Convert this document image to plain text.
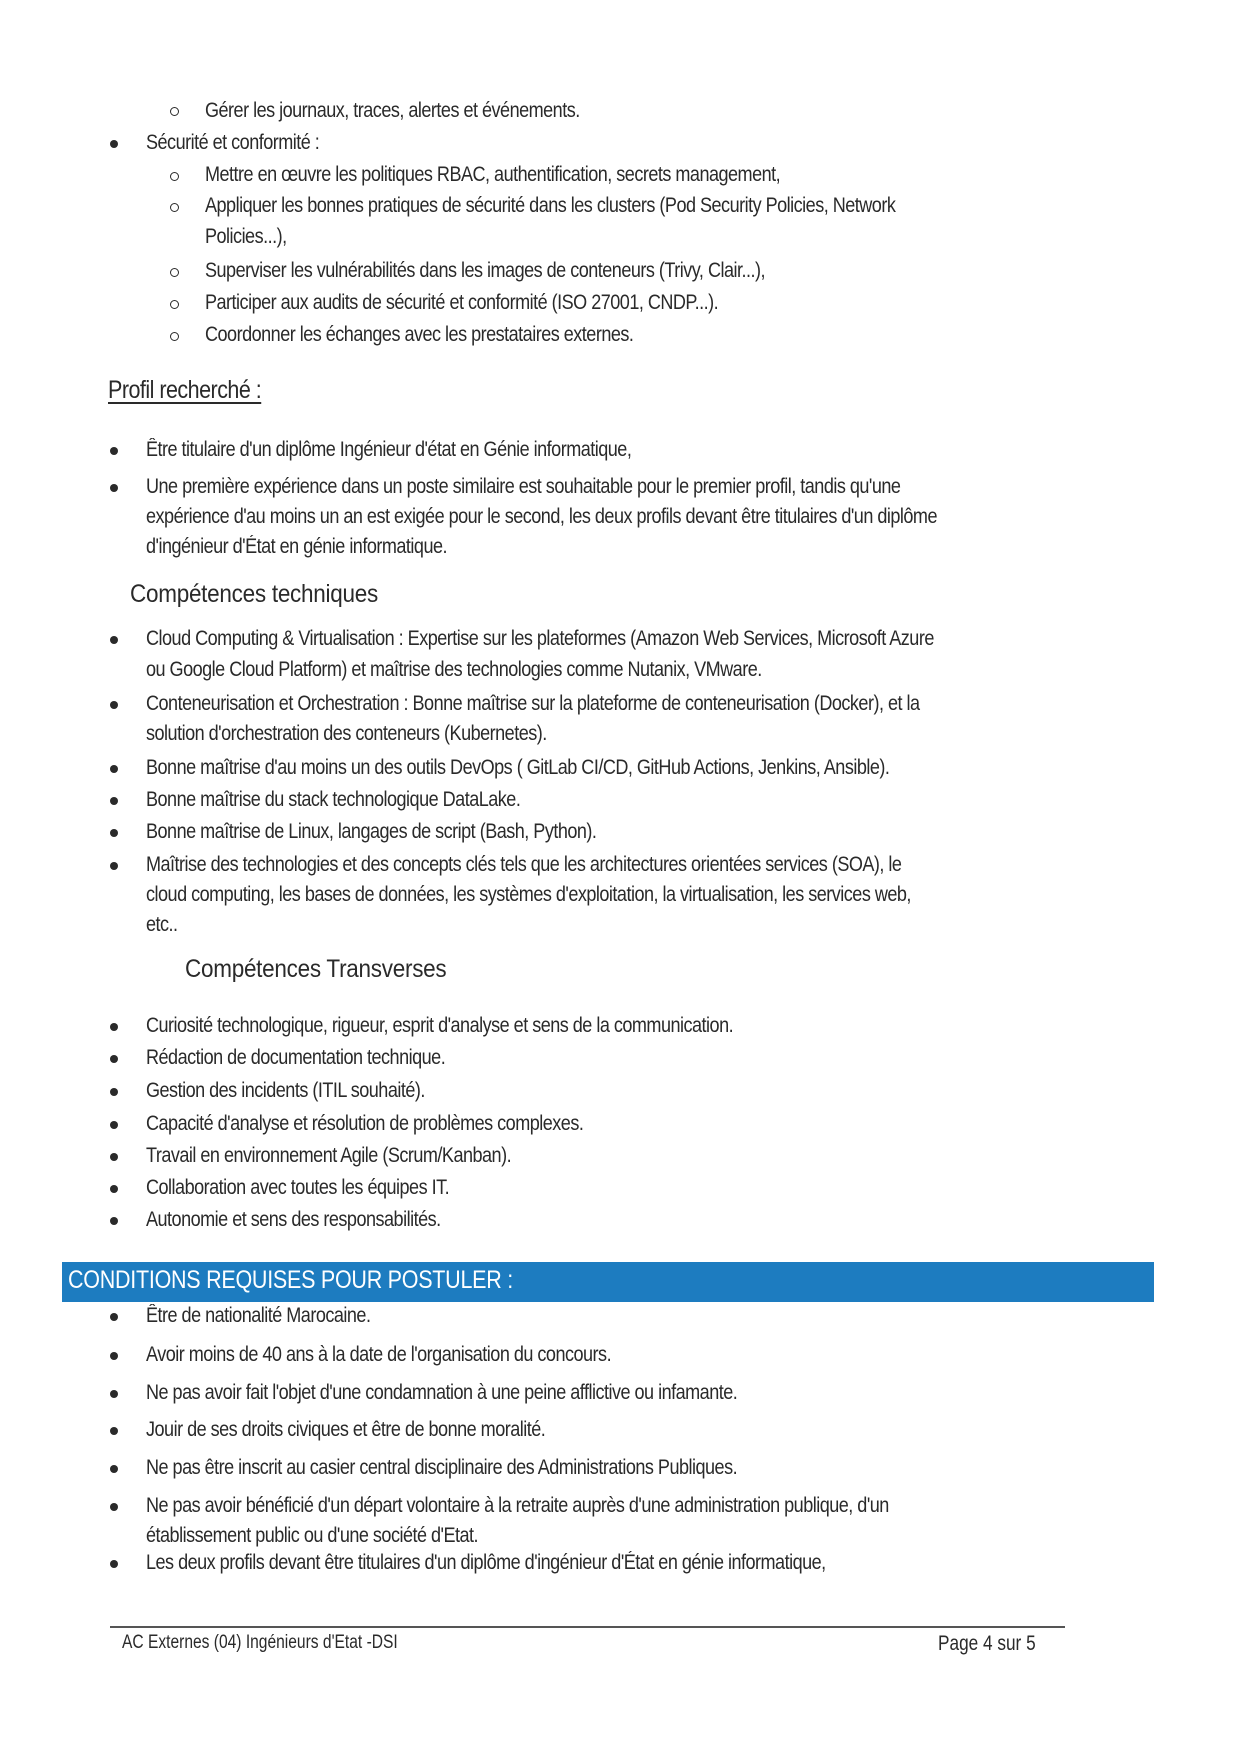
Gérer les journaux, traces, alertes et événements.
Sécurité et conformité :
Mettre en œuvre les politiques RBAC, authentification, secrets management,
Appliquer les bonnes pratiques de sécurité dans les clusters (Pod Security Policies, Network
Policies...),
Superviser les vulnérabilités dans les images de conteneurs (Trivy, Clair...),
Participer aux audits de sécurité et conformité (ISO 27001, CNDP...).
Coordonner les échanges avec les prestataires externes.
Profil recherché :
Être titulaire d'un diplôme Ingénieur d'état en Génie informatique,
Une première expérience dans un poste similaire est souhaitable pour le premier profil, tandis qu'une
expérience d'au moins un an est exigée pour le second, les deux profils devant être titulaires d'un diplôme
d'ingénieur d'État en génie informatique.
Compétences techniques
Cloud Computing & Virtualisation : Expertise sur les plateformes (Amazon Web Services, Microsoft Azure
ou Google Cloud Platform) et maîtrise des technologies comme Nutanix, VMware.
Conteneurisation et Orchestration : Bonne maîtrise sur la plateforme de conteneurisation (Docker), et la
solution d'orchestration des conteneurs (Kubernetes).
Bonne maîtrise d'au moins un des outils DevOps ( GitLab CI/CD, GitHub Actions, Jenkins, Ansible).
Bonne maîtrise du stack technologique DataLake.
Bonne maîtrise de Linux, langages de script (Bash, Python).
Maîtrise des technologies et des concepts clés tels que les architectures orientées services (SOA), le
cloud computing, les bases de données, les systèmes d'exploitation, la virtualisation, les services web,
etc..
Compétences Transverses
Curiosité technologique, rigueur, esprit d'analyse et sens de la communication.
Rédaction de documentation technique.
Gestion des incidents (ITIL souhaité).
Capacité d'analyse et résolution de problèmes complexes.
Travail en environnement Agile (Scrum/Kanban).
Collaboration avec toutes les équipes IT.
Autonomie et sens des responsabilités.
CONDITIONS REQUISES POUR POSTULER :
Être de nationalité Marocaine.
Avoir moins de 40 ans à la date de l'organisation du concours.
Ne pas avoir fait l'objet d'une condamnation à une peine afflictive ou infamante.
Jouir de ses droits civiques et être de bonne moralité.
Ne pas être inscrit au casier central disciplinaire des Administrations Publiques.
Ne pas avoir bénéficié d'un départ volontaire à la retraite auprès d'une administration publique, d'un
établissement public ou d'une société d'Etat.
Les deux profils devant être titulaires d'un diplôme d'ingénieur d'État en génie informatique,
AC Externes (04) Ingénieurs d'Etat -DSI	Page 4 sur 5
